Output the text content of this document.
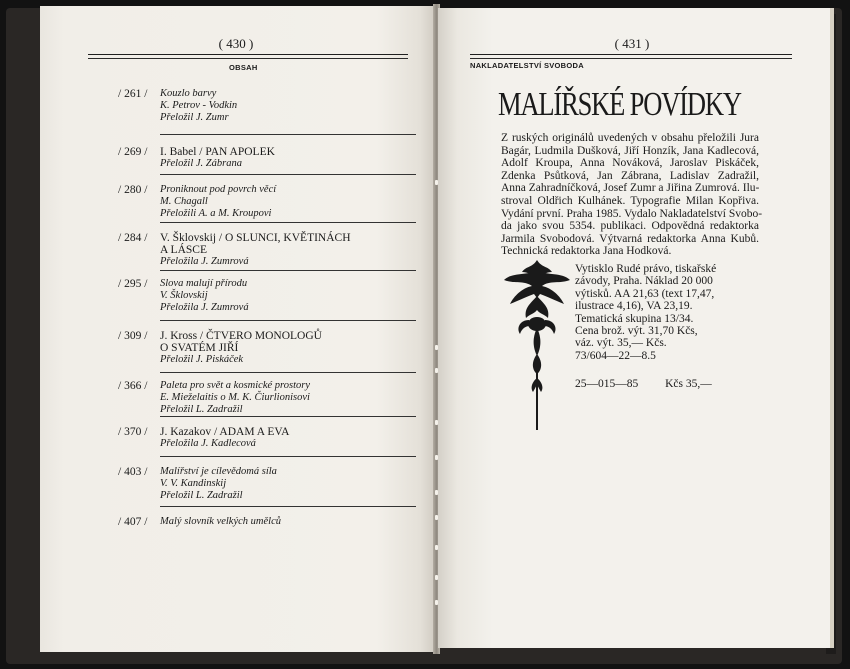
( 430 )
OBSAH
/ 261 /	Kouzlo barvy
K. Petrov - Vodkin
Přeložil J. Zumr
/ 269 /	I. Babel / PAN APOLEK
Přeložil J. Zábrana
/ 280 /	Proniknout pod povrch věcí
M. Chagall
Přeložili A. a M. Kroupovi
/ 284 /	V. Šklovskij / O SLUNCI, KVĚTINÁCH
A LÁSCE
Přeložila J. Zumrová
/ 295 /	Slova malují přírodu
V. Šklovskij
Přeložila J. Zumrová
/ 309 /	J. Kross / ČTVERO MONOLOGŮ
O SVATÉM JIŘÍ
Přeložil J. Piskáček
/ 366 /	Paleta pro svět a kosmické prostory
E. Mieželaitis o M. K. Čiurlionisovi
Přeložil L. Zadražil
/ 370 /	J. Kazakov / ADAM A EVA
Přeložila J. Kadlecová
/ 403 /	Malířství je cílevědomá síla
V. V. Kandinskij
Přeložil L. Zadražil
/ 407 /	Malý slovník velkých umělců
( 431 )
NAKLADATELSTVÍ SVOBODA
MALÍŘSKÉ POVÍDKY
Z ruských originálů uvedených v obsahu přeložili Jura
Bagár, Ludmila Dušková, Jiří Honzík, Jana Kadlecová,
Adolf Kroupa, Anna Nováková, Jaroslav Piskáček,
Zdenka Psůtková, Jan Zábrana, Ladislav Zadražil,
Anna Zahradníčková, Josef Zumr a Jiřina Zumrová. Ilu-
stroval Oldřich Kulhánek. Typografie Milan Kopřiva.
Vydání první. Praha 1985. Vydalo Nakladatelství Svobo-
da jako svou 5354. publikaci. Odpovědná redaktorka
Jarmila Svobodová. Výtvarná redaktorka Anna Kubů.
Technická redaktorka Jana Hodková.
Vytisklo Rudé právo, tiskařské
závody, Praha. Náklad 20 000
výtisků. AA 21,63 (text 17,47,
ilustrace 4,16), VA 23,19.
Tematická skupina 13/34.
Cena brož. výt. 31,70 Kčs,
váz. výt. 35,— Kčs.
73/604—22—8.5
25—015—85 Kčs 35,—
